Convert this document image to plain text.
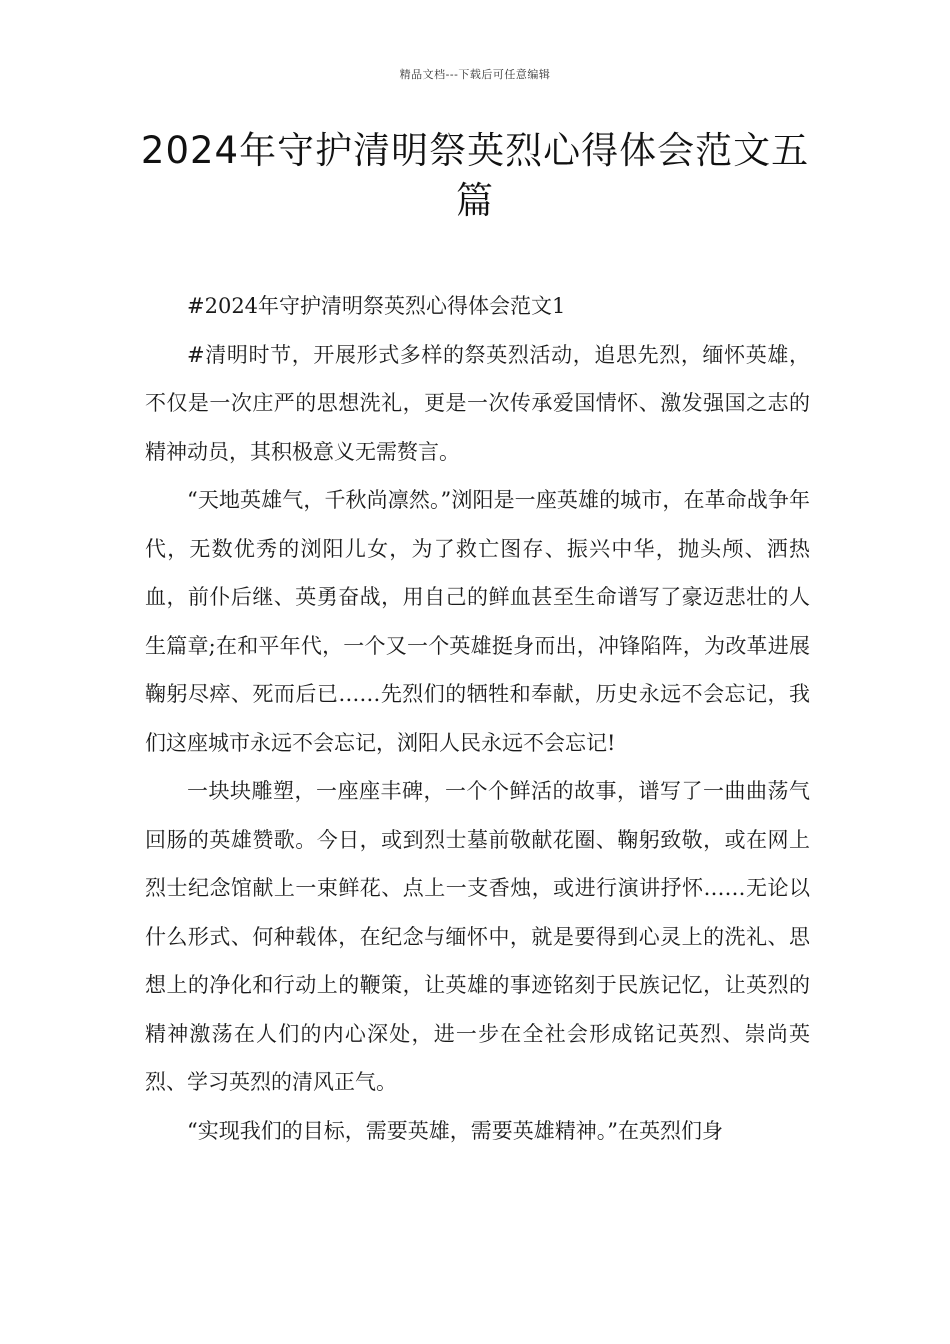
精品文档---下载后可任意编辑
2024年守护清明祭英烈心得体会范文五篇

#2024年守护清明祭英烈心得体会范文1

#清明时节，开展形式多样的祭英烈活动，追思先烈，缅怀英雄，不仅是一次庄严的思想洗礼，更是一次传承爱国情怀、激发强国之志的精神动员，其积极意义无需赘言。

“天地英雄气，千秋尚凛然。”浏阳是一座英雄的城市，在革命战争年代，无数优秀的浏阳儿女，为了救亡图存、振兴中华，抛头颅、洒热血，前仆后继、英勇奋战，用自己的鲜血甚至生命谱写了豪迈悲壮的人生篇章;在和平年代，一个又一个英雄挺身而出，冲锋陷阵，为改革进展鞠躬尽瘁、死而后已……先烈们的牺牲和奉献，历史永远不会忘记，我们这座城市永远不会忘记，浏阳人民永远不会忘记!

一块块雕塑，一座座丰碑，一个个鲜活的故事，谱写了一曲曲荡气回肠的英雄赞歌。今日，或到烈士墓前敬献花圈、鞠躬致敬，或在网上烈士纪念馆献上一束鲜花、点上一支香烛，或进行演讲抒怀……无论以什么形式、何种载体，在纪念与缅怀中，就是要得到心灵上的洗礼、思想上的净化和行动上的鞭策，让英雄的事迹铭刻于民族记忆，让英烈的精神激荡在人们的内心深处，进一步在全社会形成铭记英烈、崇尚英烈、学习英烈的清风正气。

“实现我们的目标，需要英雄，需要英雄精神。”在英烈们身
